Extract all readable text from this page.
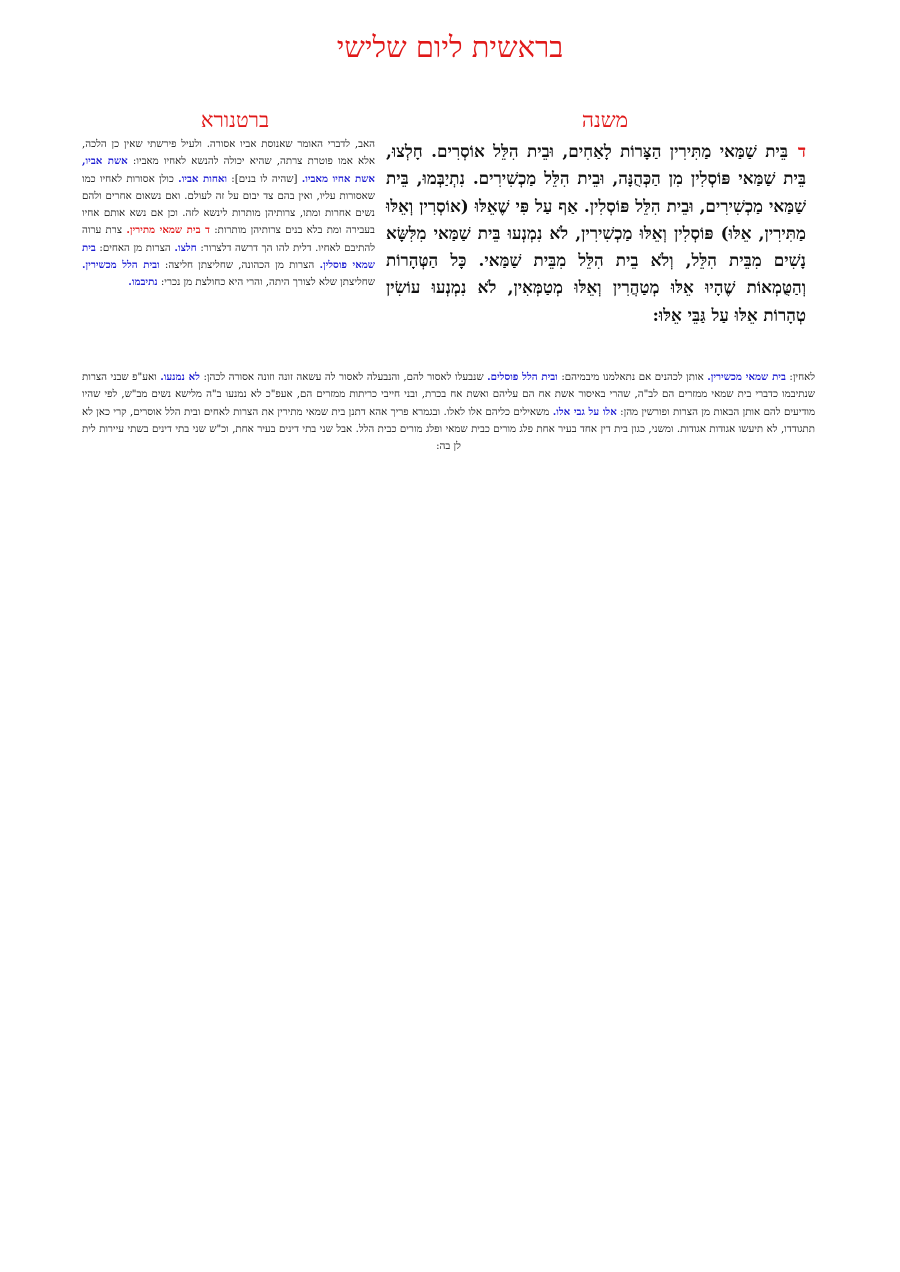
בראשית ליום שלישי
משנה
ברטנורא
דבֵּית שַׁמַּאי מַתִּירִין הַצָּרוֹת לָאַחִים, וּבֵית הִלֵּל אוֹסְרִים. חָלְצוּ, בֵּית שַׁמַּאי פּוֹסְלִין מִן הַכְּהֻנָּה, וּבֵית הִלֵּל מַכְשִׁירִים. נִתְיַבְּמוּ, בֵּית שַׁמַּאי מַכְשִׁירִים, וּבֵית הִלֵּל פּוֹסְלִין. אַף עַל פִּי שֶׁאֵלּוּ (אוֹסְרִין וְאֵלּוּ מַתִּירִין, אֵלּוּ) פּוֹסְלִין וְאֵלּוּ מַכְשִׁירִין, לֹא נִמְנְעוּ בֵּית שַׁמַּאי מִלִּשָּׂא נָשִׁים מִבֵּית הִלֵּל, וְלֹא בֵית הִלֵּל מִבֵּית שַׁמַּאי. כָּל הַטְּהָרוֹת וְהַטֻּמְאוֹת שֶׁהָיוּ אֵלּוּ מְטַהֲרִין וְאֵלּוּ מְטַמְּאִין, לֹא נִמְנְעוּ עוֹשִׂין טְהָרוֹת אֵלּוּ עַל גַּבֵּי אֵלּוּ:
האב, לדברי האומר שאנוסת אביו אסורה. ולעיל פירשתי שאין כן הלכה, אלא אמו פוטרת צרתה, שהיא יכולה להנשא לאחיו מאביו: אשת אביו, אשת אחיו מאביו. [שהיה לו בנים]: ואחות אביו. כולן אסורות לאחיו כמו שאסורות עליו, ואין בהם צד יבום על זה לעולם. ואם נשאום אחרים ולהם נשים אחרות ומתו, צרותיהן מותרות לינשא לזה. וכן אם נשא אותם אחיו בעבירה ומת בלא בנים צרותיהן מותרות: ד בית שמאי מתירין. צרת ערוה להתיבם לאחיו. דלית להו הך דרשה דלצרור: חלצו. הצרות מן האחים: בית שמאי פוסלין. הצרות מן הכהונה, שחליצתן חליצה: ובית הלל מכשירין. שחליצתן שלא לצורך היתה, והרי היא כחולצת מן נכרי: נתיבמו.
לאחין: בית שמאי מכשירין. אותן לכהנים אם נתאלמנו מיבמיהם: ובית הלל פוסלים. שנבעלו לאסור להם, והנבעלה לאסור לה עשאה זונה וזונה אסורה לכהן: לא נמנעו. ואע"פ שבני הצרות שנתיבמו כדברי בית שמאי ממזרים הם לב"ה, שהרי באיסור אשת אח הם עליהם ואשת אח בכרת, ובני חייבי כריתות ממזרים הם, אעפ"כ לא נמנעו ב"ה מלישא נשים מב"ש, לפי שהיו מודיעים להם אותן הבאות מן הצרות ופורשין מהן: אלו על גבי אלו. משאילים כליהם אלו לאלו. ובגמרא פריך אהא דתנן בית שמאי מתירין את הצרות לאחים ובית הלל אוסרים, קרי כאן לא תתגודדו, לא תיעשו אגודות אגודות. ומשני, כגון בית דין אחד בעיר אחת פלג מורים כבית שמאי ופלג מורים כבית הלל. אבל שני בתי דינים בעיר אחת, וכ"ש שני בתי דינים בשתי עיירות לית לן בה:
